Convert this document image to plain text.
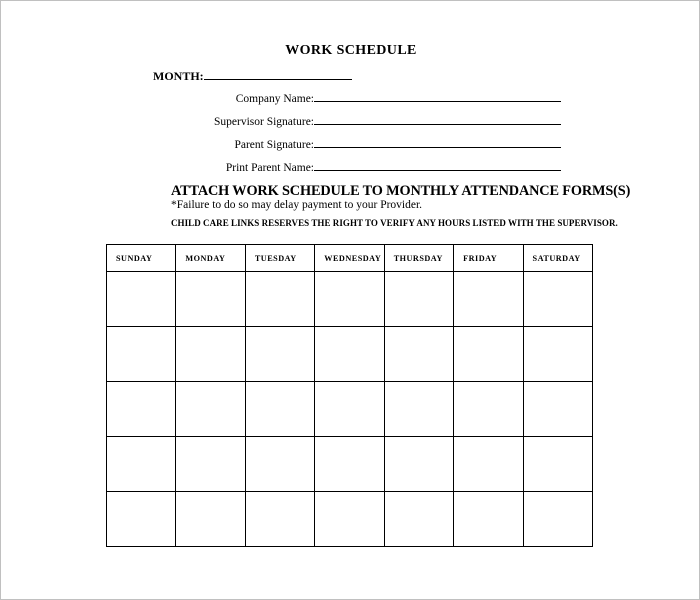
WORK SCHEDULE
MONTH:
Company Name:
Supervisor Signature:
Parent Signature:
Print Parent Name:
ATTACH WORK SCHEDULE TO MONTHLY ATTENDANCE FORMS(S)
*Failure to do so may delay payment to your Provider.
CHILD CARE LINKS RESERVES THE RIGHT TO VERIFY ANY HOURS LISTED WITH THE SUPERVISOR.
SUNDAY	MONDAY	TUESDAY	WEDNESDAY	THURSDAY	FRIDAY	SATURDAY
